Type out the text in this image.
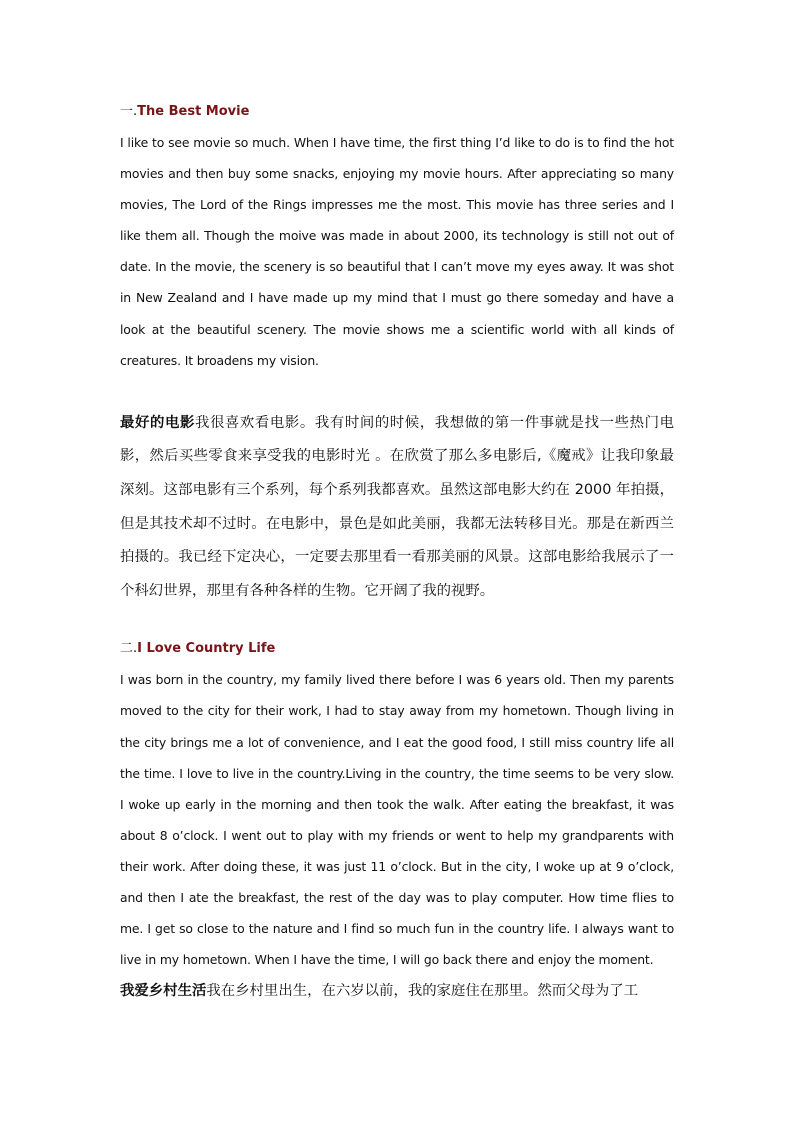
一.The Best Movie

I like to see movie so much. When I have time, the first thing I’d like to do is to find the hot movies and then buy some snacks, enjoying my movie hours. After appreciating so many movies, The Lord of the Rings impresses me the most. This movie has three series and I like them all. Though the moive was made in about 2000, its technology is still not out of date. In the movie, the scenery is so beautiful that I can’t move my eyes away. It was shot in New Zealand and I have made up my mind that I must go there someday and have a look at the beautiful scenery. The movie shows me a scientific world with all kinds of creatures. It broadens my vision.

最好的电影我很喜欢看电影。我有时间的时候，我想做的第一件事就是找一些热门电影，然后买些零食来享受我的电影时光 。在欣赏了那么多电影后,《魔戒》让我印象最深刻。这部电影有三个系列，每个系列我都喜欢。虽然这部电影大约在 2000 年拍摄，但是其技术却不过时。在电影中，景色是如此美丽，我都无法转移目光。那是在新西兰拍摄的。我已经下定决心，一定要去那里看一看那美丽的风景。这部电影给我展示了一个科幻世界，那里有各种各样的生物。它开阔了我的视野。

二.I Love Country Life

I was born in the country, my family lived there before I was 6 years old. Then my parents moved to the city for their work, I had to stay away from my hometown. Though living in the city brings me a lot of convenience, and I eat the good food, I still miss country life all the time. I love to live in the country.Living in the country, the time seems to be very slow. I woke up early in the morning and then took the walk. After eating the breakfast, it was about 8 o’clock. I went out to play with my friends or went to help my grandparents with their work. After doing these, it was just 11 o’clock. But in the city, I woke up at 9 o’clock, and then I ate the breakfast, the rest of the day was to play computer. How time flies to me. I get so close to the nature and I find so much fun in the country life. I always want to live in my hometown. When I have the time, I will go back there and enjoy the moment.

我爱乡村生活我在乡村里出生，在六岁以前，我的家庭住在那里。然而父母为了工
